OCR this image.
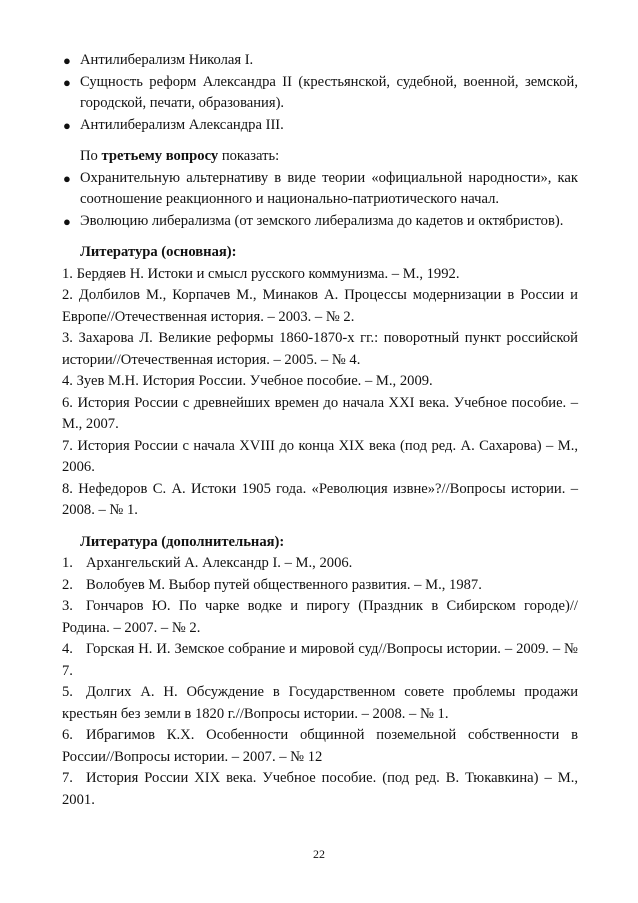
● Антилиберализм Николая I.
● Сущность реформ Александра II (крестьянской, судебной, военной, земской, городской, печати, образования).
● Антилиберализм Александра III.
По третьему вопросу показать:
● Охранительную альтернативу в виде теории «официальной народности», как соотношение реакционного и национально-патриотического начал.
● Эволюцию либерализма (от земского либерализма до кадетов и октябристов).
Литература (основная):

1. Бердяев Н. Истоки и смысл русского коммунизма. – М., 1992.

2. Долбилов М., Корпачев М., Минаков А. Процессы модернизации в России и Европе//Отечественная история. – 2003. – № 2.

3. Захарова Л. Великие реформы 1860-1870-х гг.: поворотный пункт российской истории//Отечественная история. – 2005. – № 4.

4. Зуев М.Н. История России. Учебное пособие. – М., 2009.

6. История России с древнейших времен до начала XXI века. Учебное пособие. – М., 2007.

7. История России с начала XVIII до конца XIX века (под ред. А. Сахарова) – М., 2006.

8. Нефедоров С. А. Истоки 1905 года. «Революция извне»?//Вопросы истории. – 2008. – № 1.

Литература (дополнительная):

1. Архангельский А. Александр I. – М., 2006.

2. Волобуев М. Выбор путей общественного развития. – М., 1987.

3. Гончаров Ю. По чарке водке и пирогу (Праздник в Сибирском городе)//Родина. – 2007. – № 2.

4. Горская Н. И. Земское собрание и мировой суд//Вопросы истории. – 2009. – № 7.

5. Долгих А. Н. Обсуждение в Государственном совете проблемы продажи крестьян без земли в 1820 г.//Вопросы истории. – 2008. – № 1.

6. Ибрагимов К.Х. Особенности общинной поземельной собственности в России//Вопросы истории. – 2007. – № 12

7. История России XIX века. Учебное пособие. (под ред. В. Тюкавкина) – М., 2001.

22
